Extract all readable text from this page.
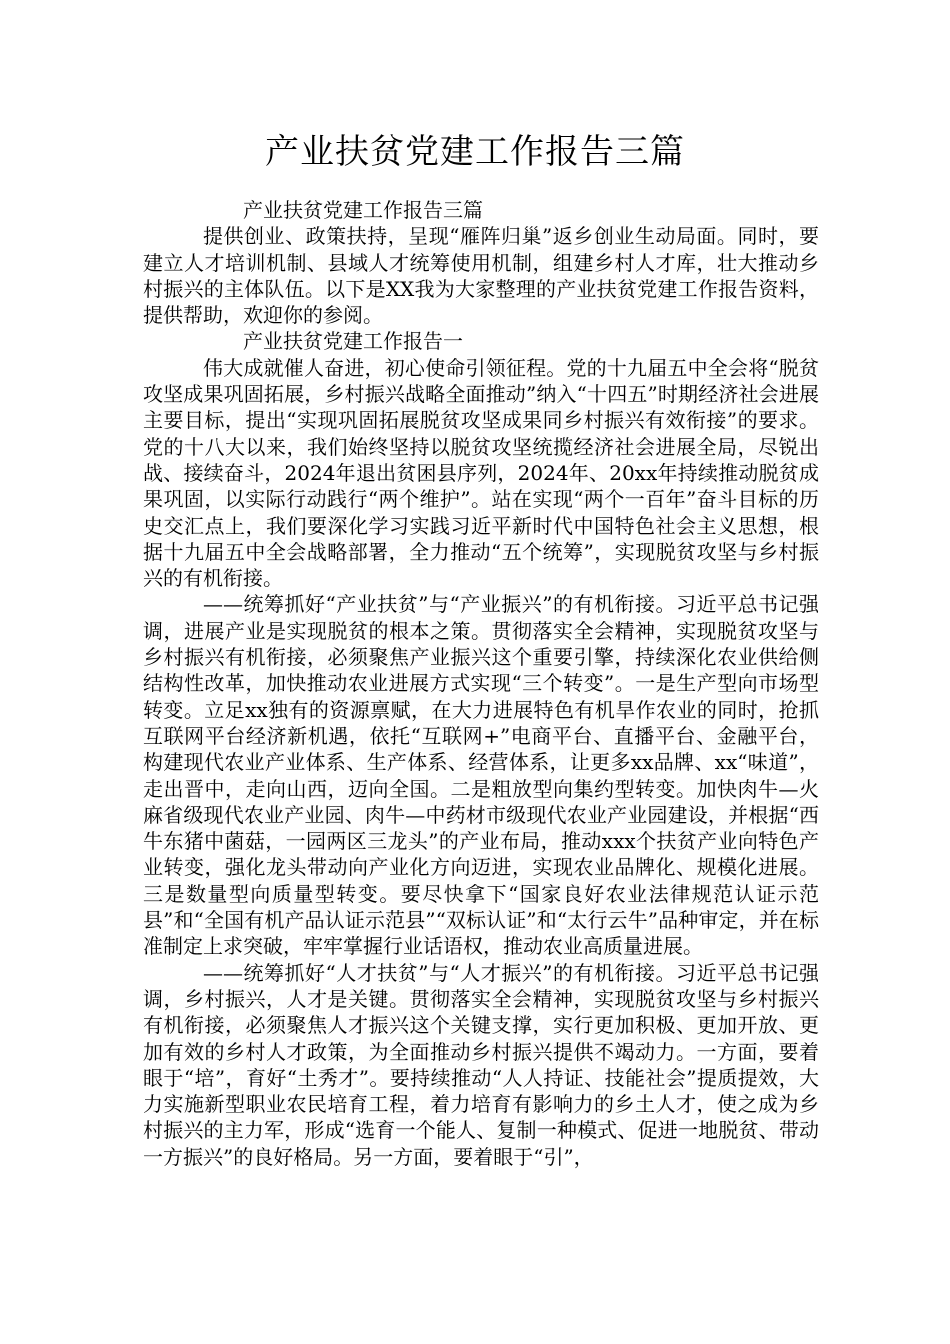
产业扶贫党建工作报告三篇

产业扶贫党建工作报告三篇

提供创业、政策扶持，呈现“雁阵归巢”返乡创业生动局面。同时，要建立人才培训机制、县域人才统筹使用机制，组建乡村人才库，壮大推动乡村振兴的主体队伍。以下是XX我为大家整理的产业扶贫党建工作报告资料，提供帮助，欢迎你的参阅。

产业扶贫党建工作报告一

伟大成就催人奋进，初心使命引领征程。党的十九届五中全会将“脱贫攻坚成果巩固拓展，乡村振兴战略全面推动”纳入“十四五”时期经济社会进展主要目标，提出“实现巩固拓展脱贫攻坚成果同乡村振兴有效衔接”的要求。党的十八大以来，我们始终坚持以脱贫攻坚统揽经济社会进展全局，尽锐出战、接续奋斗，2024年退出贫困县序列，2024年、20xx年持续推动脱贫成果巩固，以实际行动践行“两个维护”。站在实现“两个一百年”奋斗目标的历史交汇点上，我们要深化学习实践习近平新时代中国特色社会主义思想，根据十九届五中全会战略部署，全力推动“五个统筹”，实现脱贫攻坚与乡村振兴的有机衔接。

——统筹抓好“产业扶贫”与“产业振兴”的有机衔接。习近平总书记强调，进展产业是实现脱贫的根本之策。贯彻落实全会精神，实现脱贫攻坚与乡村振兴有机衔接，必须聚焦产业振兴这个重要引擎，持续深化农业供给侧结构性改革，加快推动农业进展方式实现“三个转变”。一是生产型向市场型转变。立足xx独有的资源禀赋，在大力进展特色有机旱作农业的同时，抢抓互联网平台经济新机遇，依托“互联网+”电商平台、直播平台、金融平台，构建现代农业产业体系、生产体系、经营体系，让更多xx品牌、xx“味道”，走出晋中，走向山西，迈向全国。二是粗放型向集约型转变。加快肉牛—火麻省级现代农业产业园、肉牛—中药材市级现代农业产业园建设，并根据“西牛东猪中菌菇，一园两区三龙头”的产业布局，推动xxx个扶贫产业向特色产业转变，强化龙头带动向产业化方向迈进，实现农业品牌化、规模化进展。三是数量型向质量型转变。要尽快拿下“国家良好农业法律规范认证示范县”和“全国有机产品认证示范县”“双标认证”和“太行云牛”品种审定，并在标准制定上求突破，牢牢掌握行业话语权，推动农业高质量进展。

——统筹抓好“人才扶贫”与“人才振兴”的有机衔接。习近平总书记强调，乡村振兴，人才是关键。贯彻落实全会精神，实现脱贫攻坚与乡村振兴有机衔接，必须聚焦人才振兴这个关键支撑，实行更加积极、更加开放、更加有效的乡村人才政策，为全面推动乡村振兴提供不竭动力。一方面，要着眼于“培”，育好“土秀才”。要持续推动“人人持证、技能社会”提质提效，大力实施新型职业农民培育工程，着力培育有影响力的乡土人才，使之成为乡村振兴的主力军，形成“选育一个能人、复制一种模式、促进一地脱贫、带动一方振兴”的良好格局。另一方面，要着眼于“引”，
